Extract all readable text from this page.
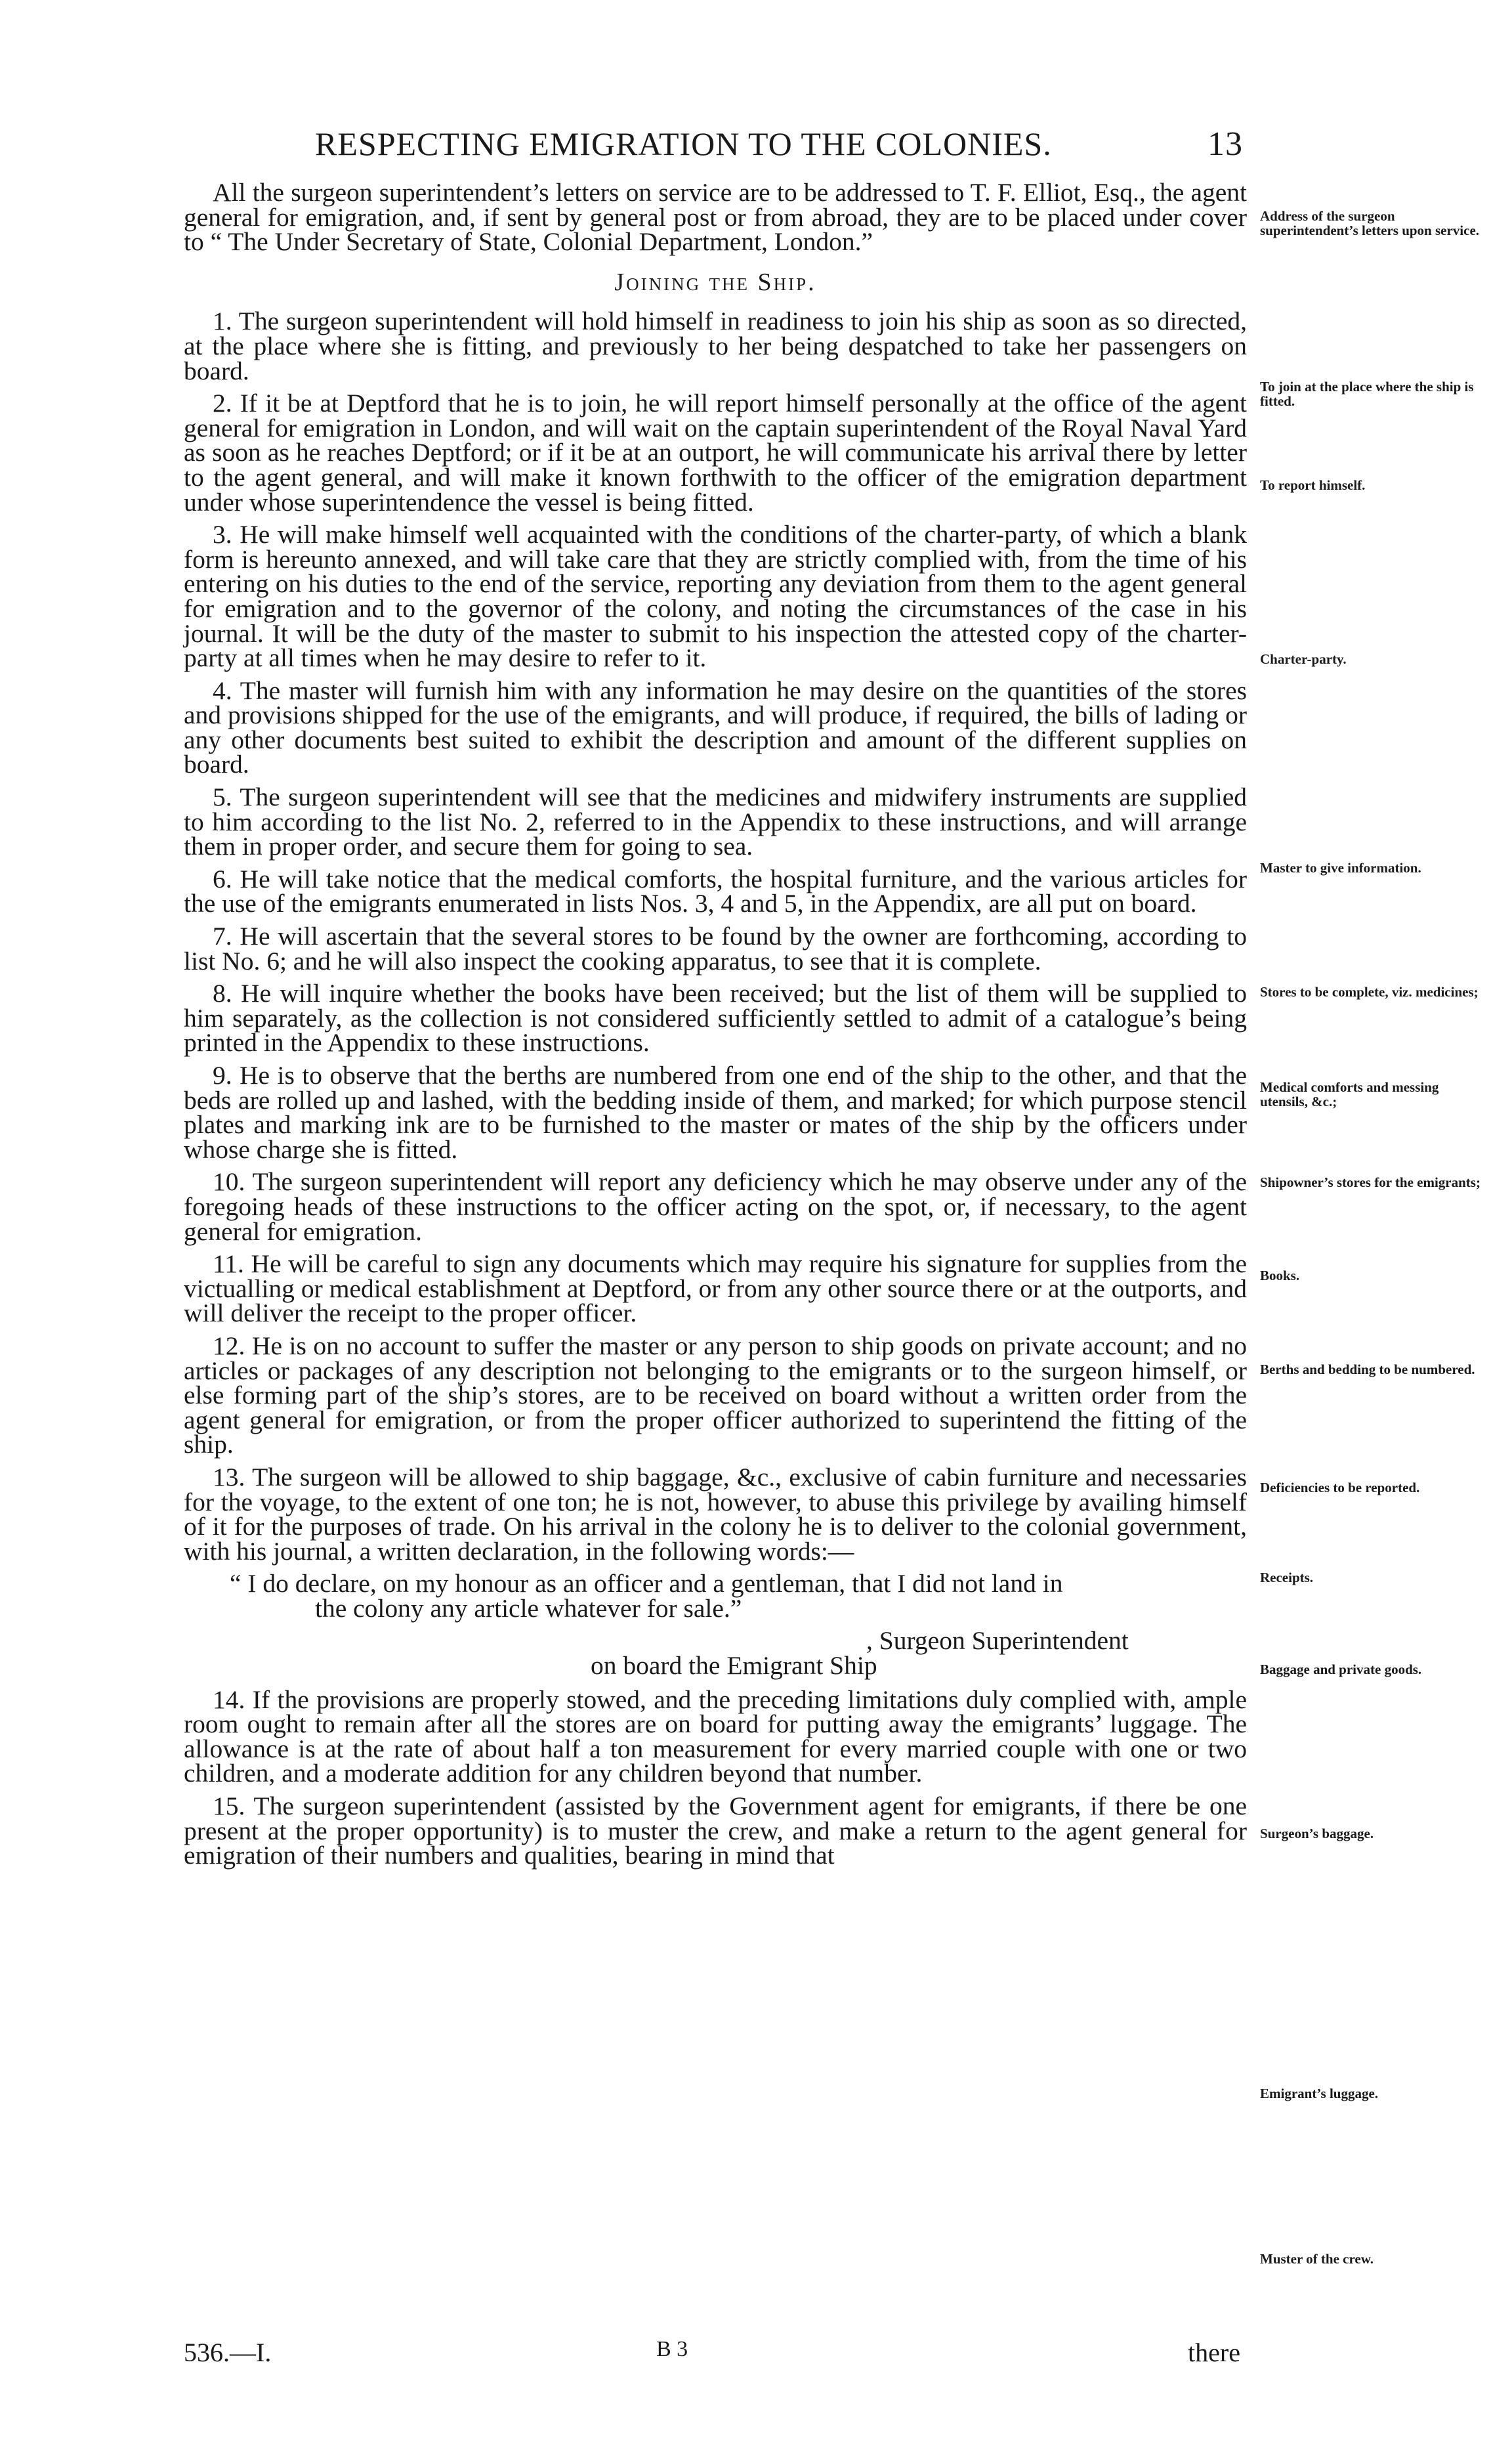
RESPECTING EMIGRATION TO THE COLONIES.	13

All the surgeon superintendent’s letters on service are to be addressed to T. F. Elliot, Esq., the agent general for emigration, and, if sent by general post or from abroad, they are to be placed under cover to “ The Under Secretary of State, Colonial Department, London.”

Joining the Ship.

1. The surgeon superintendent will hold himself in readiness to join his ship as soon as so directed, at the place where she is fitting, and previously to her being despatched to take her passengers on board.

2. If it be at Deptford that he is to join, he will report himself personally at the office of the agent general for emigration in London, and will wait on the captain superintendent of the Royal Naval Yard as soon as he reaches Deptford; or if it be at an outport, he will communicate his arrival there by letter to the agent general, and will make it known forthwith to the officer of the emigration department under whose superintendence the vessel is being fitted.

3. He will make himself well acquainted with the conditions of the charter-party, of which a blank form is hereunto annexed, and will take care that they are strictly complied with, from the time of his entering on his duties to the end of the service, reporting any deviation from them to the agent general for emigration and to the governor of the colony, and noting the circumstances of the case in his journal. It will be the duty of the master to submit to his inspection the attested copy of the charter-party at all times when he may desire to refer to it.

4. The master will furnish him with any information he may desire on the quantities of the stores and provisions shipped for the use of the emigrants, and will produce, if required, the bills of lading or any other documents best suited to exhibit the description and amount of the different supplies on board.

5. The surgeon superintendent will see that the medicines and midwifery instruments are supplied to him according to the list No. 2, referred to in the Appendix to these instructions, and will arrange them in proper order, and secure them for going to sea.

6. He will take notice that the medical comforts, the hospital furniture, and the various articles for the use of the emigrants enumerated in lists Nos. 3, 4 and 5, in the Appendix, are all put on board.

7. He will ascertain that the several stores to be found by the owner are forthcoming, according to list No. 6; and he will also inspect the cooking apparatus, to see that it is complete.

8. He will inquire whether the books have been received; but the list of them will be supplied to him separately, as the collection is not considered sufficiently settled to admit of a catalogue’s being printed in the Appendix to these instructions.

9. He is to observe that the berths are numbered from one end of the ship to the other, and that the beds are rolled up and lashed, with the bedding inside of them, and marked; for which purpose stencil plates and marking ink are to be furnished to the master or mates of the ship by the officers under whose charge she is fitted.

10. The surgeon superintendent will report any deficiency which he may observe under any of the foregoing heads of these instructions to the officer acting on the spot, or, if necessary, to the agent general for emigration.

11. He will be careful to sign any documents which may require his signature for supplies from the victualling or medical establishment at Deptford, or from any other source there or at the outports, and will deliver the receipt to the proper officer.

12. He is on no account to suffer the master or any person to ship goods on private account; and no articles or packages of any description not belonging to the emigrants or to the surgeon himself, or else forming part of the ship’s stores, are to be received on board without a written order from the agent general for emigration, or from the proper officer authorized to superintend the fitting of the ship.

13. The surgeon will be allowed to ship baggage, &c., exclusive of cabin furniture and necessaries for the voyage, to the extent of one ton; he is not, however, to abuse this privilege by availing himself of it for the purposes of trade. On his arrival in the colony he is to deliver to the colonial government, with his journal, a written declaration, in the following words:—

“ I do declare, on my honour as an officer and a gentleman, that I did not land in
the colony any article whatever for sale.”

, Surgeon Superintendent

on board the Emigrant Ship

14. If the provisions are properly stowed, and the preceding limitations duly complied with, ample room ought to remain after all the stores are on board for putting away the emigrants’ luggage. The allowance is at the rate of about half a ton measurement for every married couple with one or two children, and a moderate addition for any children beyond that number.

15. The surgeon superintendent (assisted by the Government agent for emigrants, if there be one present at the proper opportunity) is to muster the crew, and make a return to the agent general for emigration of their numbers and qualities, bearing in mind that

Address of the surgeon superintendent’s letters upon service.
To join at the place where the ship is fitted.
To report himself.
Charter-party.
Master to give information.
Stores to be complete, viz. medicines;
Medical comforts and messing utensils, &c.;
Shipowner’s stores for the emigrants;
Books.
Berths and bedding to be numbered.
Deficiencies to be reported.
Receipts.
Baggage and private goods.
Surgeon’s baggage.
Emigrant’s luggage.
Muster of the crew.
536.—I.	B 3	there
